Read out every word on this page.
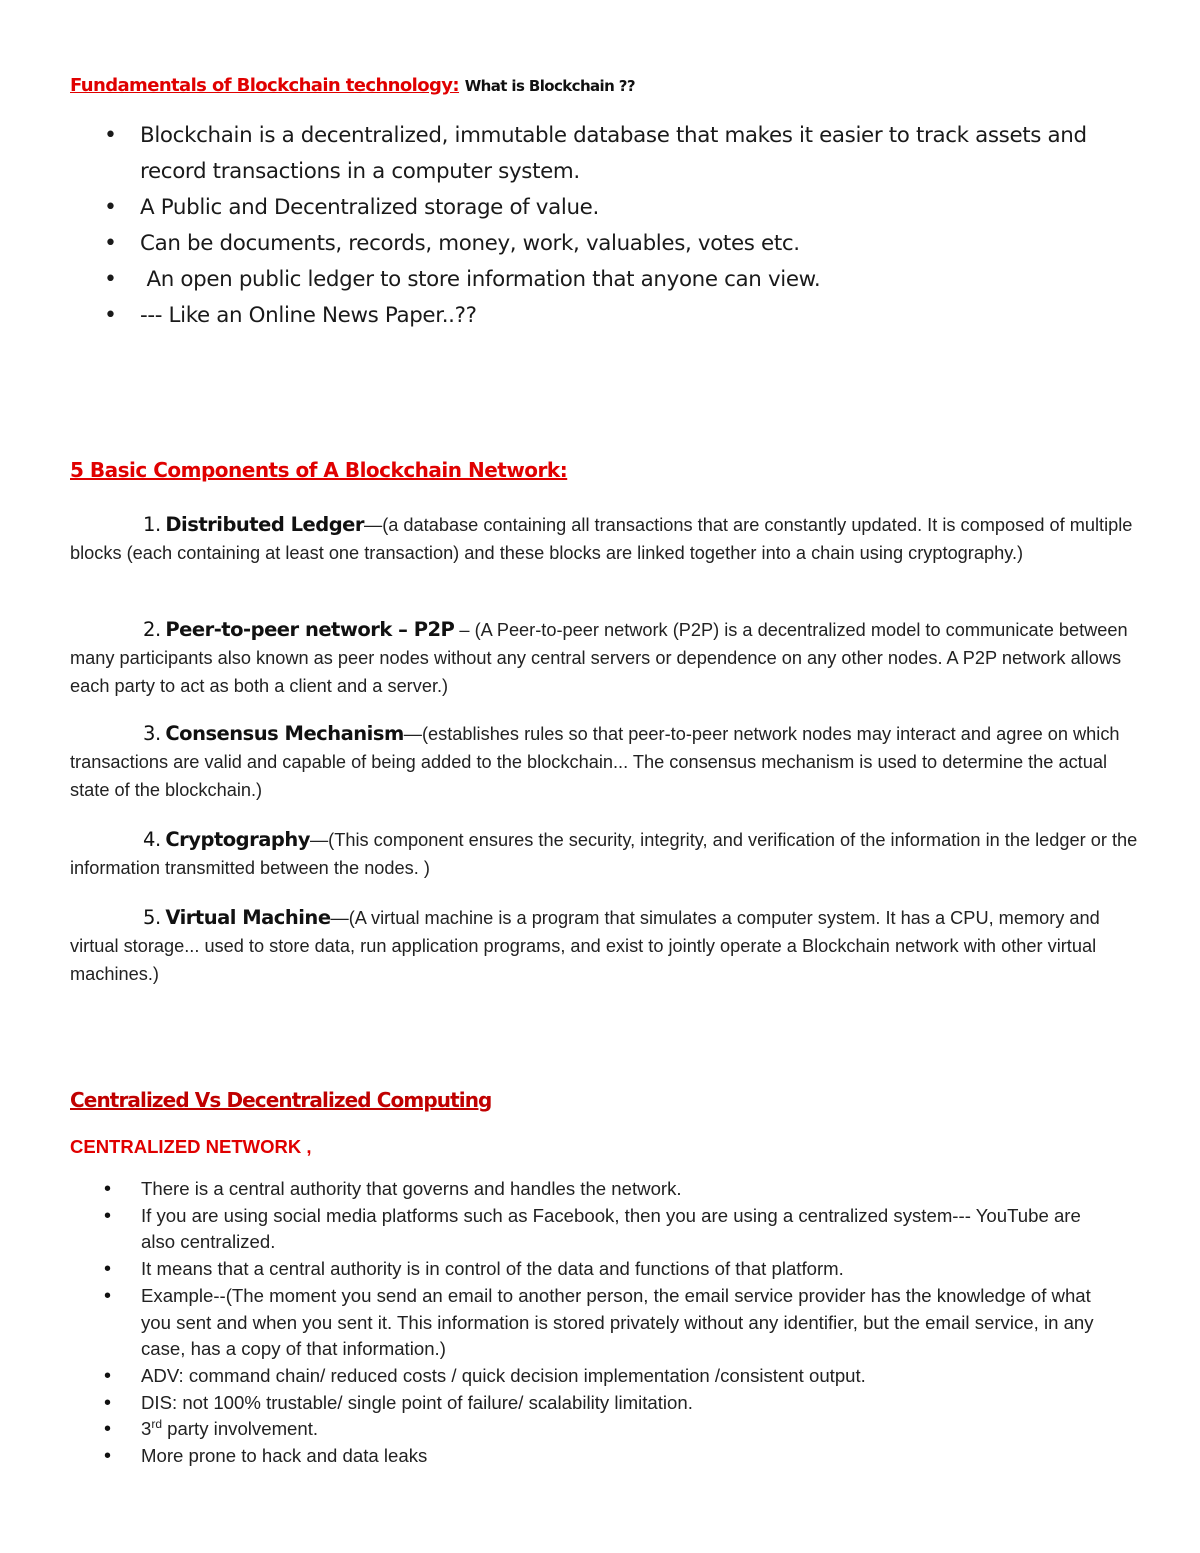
Fundamentals of Blockchain technology: What is Blockchain ??
• Blockchain is a decentralized, immutable database that makes it easier to track assets and record transactions in a computer system.
• A Public and Decentralized storage of value.
• Can be documents, records, money, work, valuables, votes etc.
•  An open public ledger to store information that anyone can view.
• --- Like an Online News Paper..??
5 Basic Components of A Blockchain Network:
1. Distributed Ledger—(a database containing all transactions that are constantly updated. It is composed of multiple blocks (each containing at least one transaction) and these blocks are linked together into a chain using cryptography.)
2. Peer-to-peer network – P2P – (A Peer-to-peer network (P2P) is a decentralized model to communicate between many participants also known as peer nodes without any central servers or dependence on any other nodes. A P2P network allows each party to act as both a client and a server.)
3. Consensus Mechanism—(establishes rules so that peer-to-peer network nodes may interact and agree on which transactions are valid and capable of being added to the blockchain... The consensus mechanism is used to determine the actual state of the blockchain.)
4. Cryptography—(This component ensures the security, integrity, and verification of the information in the ledger or the information transmitted between the nodes. )
5. Virtual Machine—(A virtual machine is a program that simulates a computer system. It has a CPU, memory and virtual storage... used to store data, run application programs, and exist to jointly operate a Blockchain network with other virtual machines.)
Centralized Vs Decentralized Computing
CENTRALIZED NETWORK ,
• There is a central authority that governs and handles the network.
• If you are using social media platforms such as Facebook, then you are using a centralized system--- YouTube are also centralized.
• It means that a central authority is in control of the data and functions of that platform.
• Example--(The moment you send an email to another person, the email service provider has the knowledge of what you sent and when you sent it. This information is stored privately without any identifier, but the email service, in any case, has a copy of that information.)
• ADV: command chain/ reduced costs / quick decision implementation /consistent output.
• DIS: not 100% trustable/ single point of failure/ scalability limitation.
• 3rd party involvement.
• More prone to hack and data leaks
